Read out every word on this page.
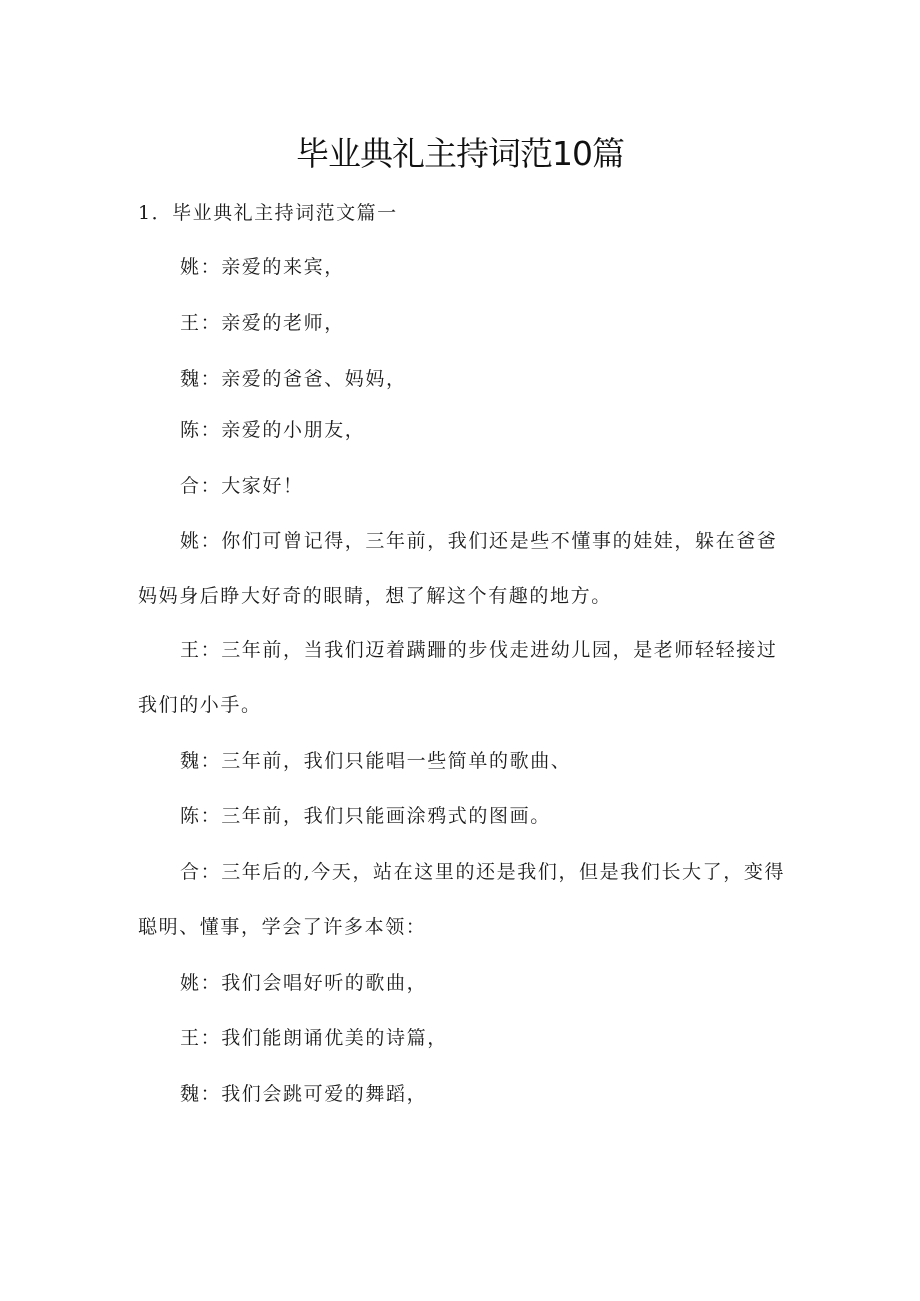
毕业典礼主持词范10篇

1．毕业典礼主持词范文篇一

姚：亲爱的来宾，

王：亲爱的老师，

魏：亲爱的爸爸、妈妈，

陈：亲爱的小朋友，

合：大家好！

姚：你们可曾记得，三年前，我们还是些不懂事的娃娃，躲在爸爸妈妈身后睁大好奇的眼睛，想了解这个有趣的地方。

王：三年前，当我们迈着蹒跚的步伐走进幼儿园，是老师轻轻接过我们的小手。

魏：三年前，我们只能唱一些简单的歌曲、

陈：三年前，我们只能画涂鸦式的图画。

合：三年后的,今天，站在这里的还是我们，但是我们长大了，变得聪明、懂事，学会了许多本领：

姚：我们会唱好听的歌曲，

王：我们能朗诵优美的诗篇，

魏：我们会跳可爱的舞蹈，
